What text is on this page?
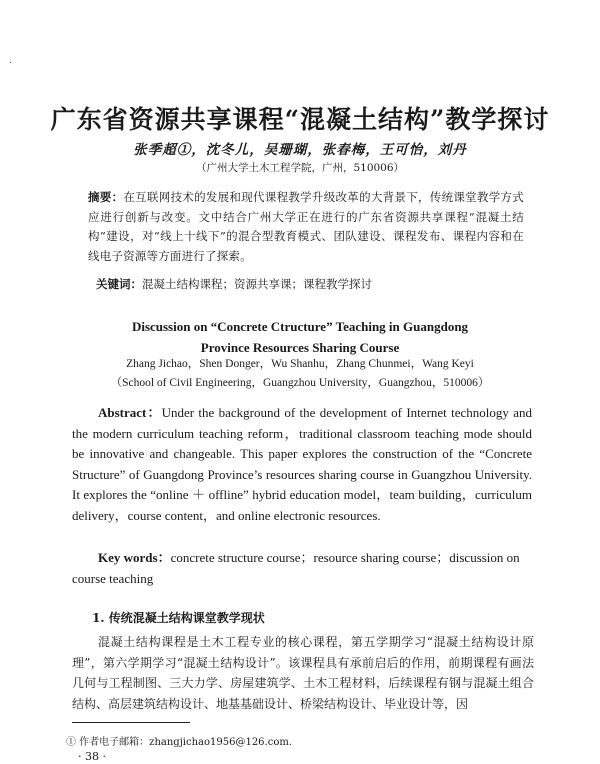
.
广东省资源共享课程“混凝土结构”教学探讨
张季超①，沈冬儿，吴珊瑚，张春梅，王可怡，刘丹
（广州大学土木工程学院，广州，510006）
摘要：在互联网技术的发展和现代课程教学升级改革的大背景下，传统课堂教学方式应进行创新与改变。文中结合广州大学正在进行的广东省资源共享课程“混凝土结构”建设，对“线上十线下”的混合型教育模式、团队建设、课程发布、课程内容和在线电子资源等方面进行了探索。
关键词：混凝土结构课程；资源共享课；课程教学探讨
Discussion on “Concrete Ctructure” Teaching in Guangdong
Province Resources Sharing Course
Zhang Jichao，Shen Donger，Wu Shanhu，Zhang Chunmei，Wang Keyi
（School of Civil Engineering，Guangzhou University，Guangzhou，510006）
Abstract：Under the background of the development of Internet technology and the modern curriculum teaching reform，traditional classroom teaching mode should be innovative and changeable. This paper explores the construction of the “Concrete Structure” of Guangdong Province’s resources sharing course in Guangzhou University. It explores the “online ＋ offline” hybrid education model，team building，curriculum delivery，course content，and online electronic resources.
Key words：concrete structure course；resource sharing course；discussion on course teaching
1. 传统混凝土结构课堂教学现状
混凝土结构课程是土木工程专业的核心课程，第五学期学习“混凝土结构设计原理”，第六学期学习“混凝土结构设计”。该课程具有承前启后的作用，前期课程有画法几何与工程制图、三大力学、房屋建筑学、土木工程材料，后续课程有钢与混凝土组合结构、高层建筑结构设计、地基基础设计、桥梁结构设计、毕业设计等，因
① 作者电子邮箱：zhangjichao1956@126.com.
· 38 ·
